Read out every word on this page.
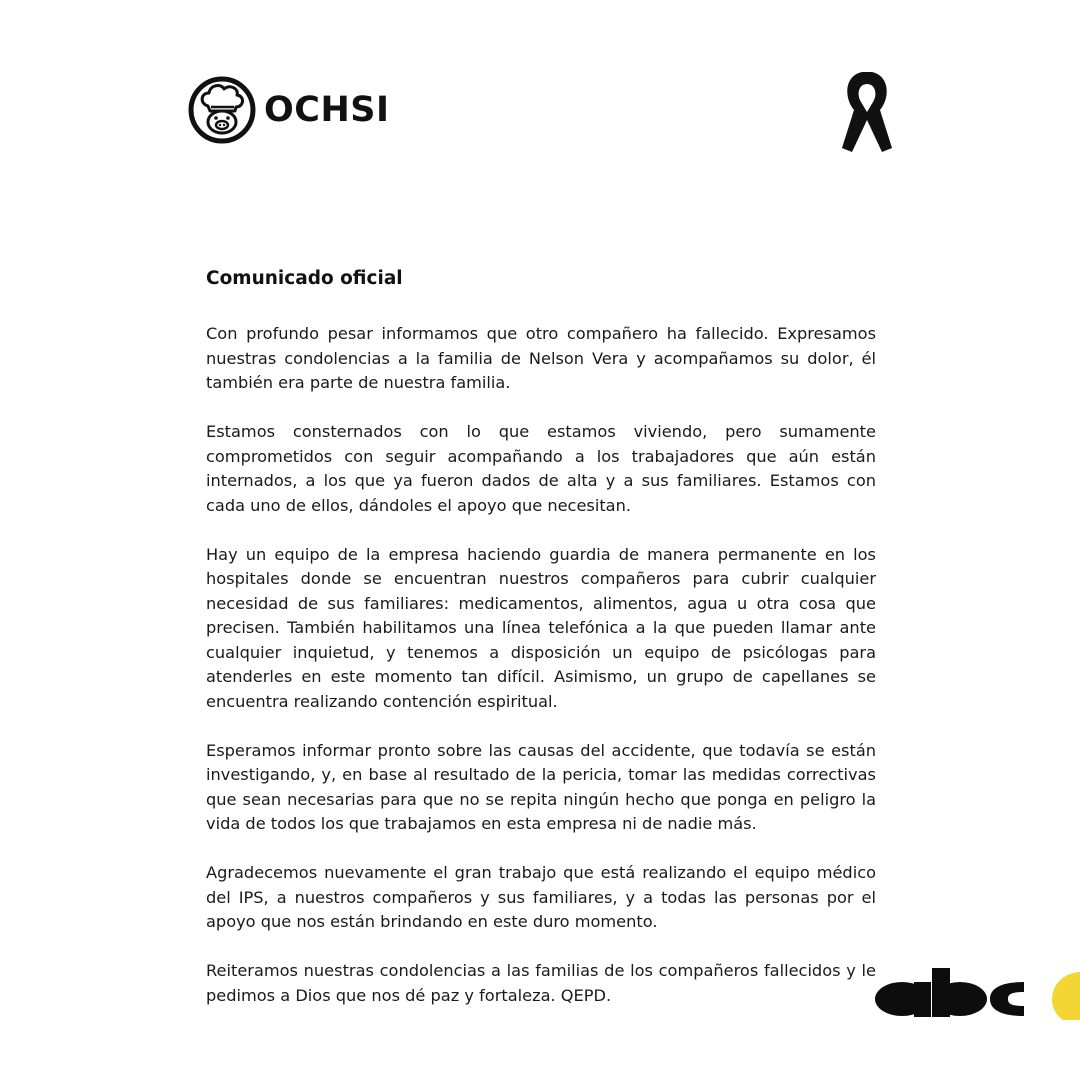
OCHSI
Comunicado oficial

Con profundo pesar informamos que otro compañero ha fallecido. Expresamos nuestras condolencias a la familia de Nelson Vera y acompañamos su dolor, él también era parte de nuestra familia.

Estamos consternados con lo que estamos viviendo, pero sumamente comprometidos con seguir acompañando a los trabajadores que aún están internados, a los que ya fueron dados de alta y a sus familiares. Estamos con cada uno de ellos, dándoles el apoyo que necesitan.

Hay un equipo de la empresa haciendo guardia de manera permanente en los hospitales donde se encuentran nuestros compañeros para cubrir cualquier necesidad de sus familiares: medicamentos, alimentos, agua u otra cosa que precisen. También habilitamos una línea telefónica a la que pueden llamar ante cualquier inquietud, y tenemos a disposición un equipo de psicólogas para atenderles en este momento tan difícil. Asimismo, un grupo de capellanes se encuentra realizando contención espiritual.

Esperamos informar pronto sobre las causas del accidente, que todavía se están investigando, y, en base al resultado de la pericia, tomar las medidas correctivas que sean necesarias para que no se repita ningún hecho que ponga en peligro la vida de todos los que trabajamos en esta empresa ni de nadie más.

Agradecemos nuevamente el gran trabajo que está realizando el equipo médico del IPS, a nuestros compañeros y sus familiares, y a todas las personas por el apoyo que nos están brindando en este duro momento.

Reiteramos nuestras condolencias a las familias de los compañeros fallecidos y le pedimos a Dios que nos dé paz y fortaleza. QEPD.
